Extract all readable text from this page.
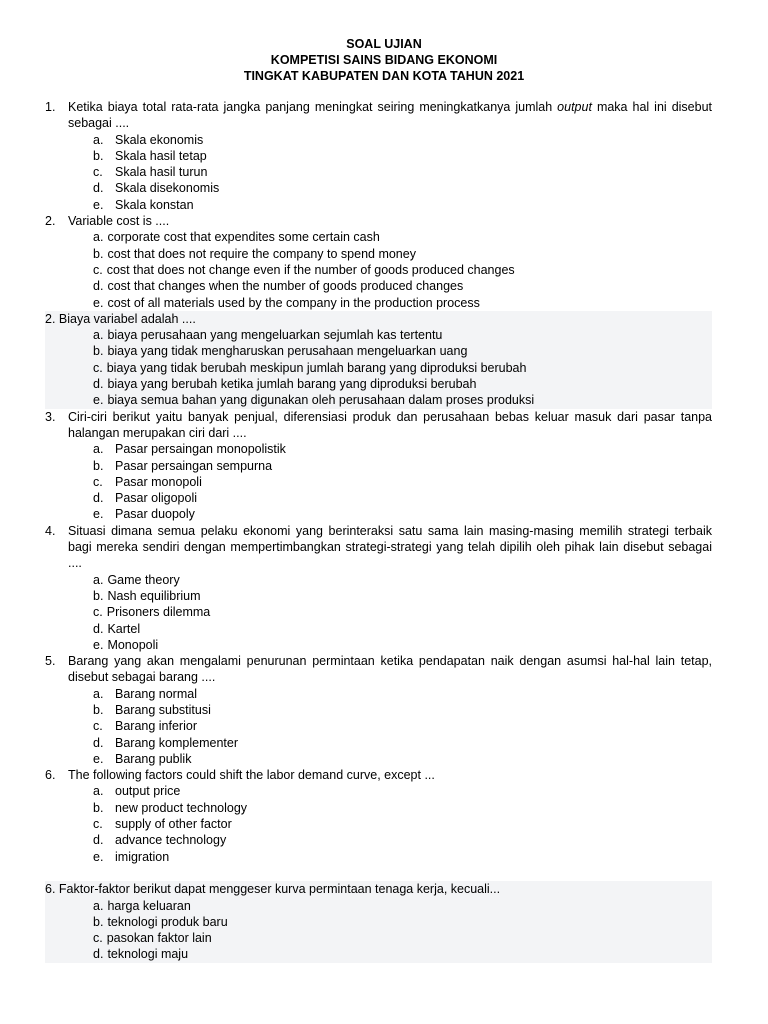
SOAL UJIAN
KOMPETISI SAINS BIDANG EKONOMI
TINGKAT KABUPATEN DAN KOTA TAHUN 2021
1.	Ketika biaya total rata-rata jangka panjang meningkat seiring meningkatkanya jumlah output maka hal ini disebut sebagai ....
a. Skala ekonomis
b. Skala hasil tetap
c. Skala hasil turun
d. Skala disekonomis
e. Skala konstan
2.	Variable cost is ....
a. corporate cost that expendites some certain cash
b. cost that does not require the company to spend money
c. cost that does not change even if the number of goods produced changes
d. cost that changes when the number of goods produced changes
e. cost of all materials used by the company in the production process
2. Biaya variabel adalah ....
a. biaya perusahaan yang mengeluarkan sejumlah kas tertentu
b. biaya yang tidak mengharuskan perusahaan mengeluarkan uang
c. biaya yang tidak berubah meskipun jumlah barang yang diproduksi berubah
d. biaya yang berubah ketika jumlah barang yang diproduksi berubah
e. biaya semua bahan yang digunakan oleh perusahaan dalam proses produksi
3.	Ciri-ciri berikut yaitu banyak penjual, diferensiasi produk dan perusahaan bebas keluar masuk dari pasar tanpa halangan merupakan ciri dari ....
a. Pasar persaingan monopolistik
b. Pasar persaingan sempurna
c. Pasar monopoli
d. Pasar oligopoli
e. Pasar duopoly
4.	Situasi dimana semua pelaku ekonomi yang berinteraksi satu sama lain masing-masing memilih strategi terbaik bagi mereka sendiri dengan mempertimbangkan strategi-strategi yang telah dipilih oleh pihak lain disebut sebagai ....
a. Game theory
b. Nash equilibrium
c. Prisoners dilemma
d. Kartel
e. Monopoli
5.	Barang yang akan mengalami penurunan permintaan ketika pendapatan naik dengan asumsi hal-hal lain tetap, disebut sebagai barang ....
a. Barang normal
b. Barang substitusi
c. Barang inferior
d. Barang komplementer
e. Barang publik
6.	The following factors could shift the labor demand curve, except ...
a. output price
b. new product technology
c. supply of other factor
d. advance technology
e. imigration
6. Faktor-faktor berikut dapat menggeser kurva permintaan tenaga kerja, kecuali...
a. harga keluaran
b. teknologi produk baru
c. pasokan faktor lain
d. teknologi maju
